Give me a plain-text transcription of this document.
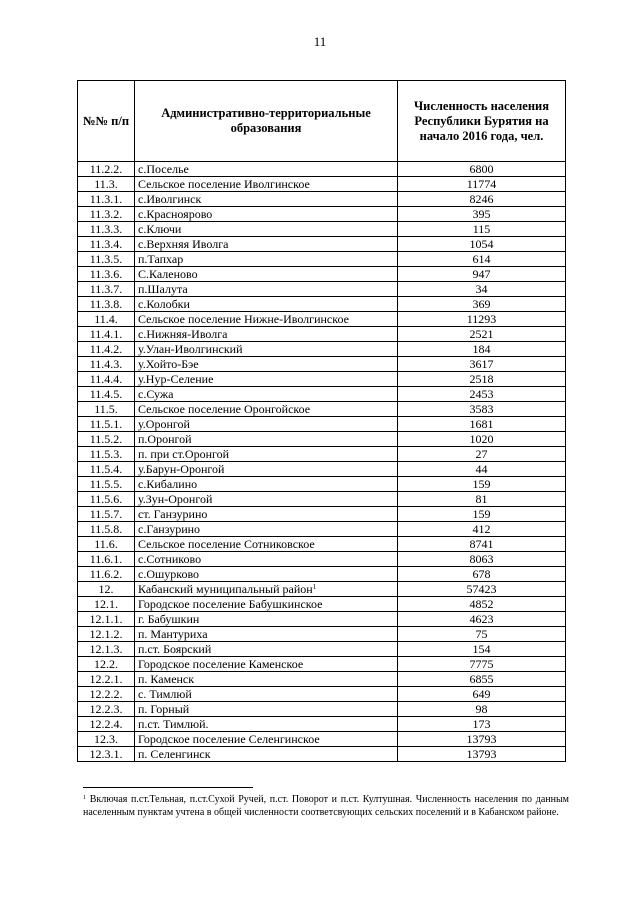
11
№№ п/п	Административно-территориальные образования	Численность населения Республики Бурятия на начало 2016 года, чел.
11.2.2.	с.Поселье	6800
11.3.	Сельское поселение Иволгинское	11774
11.3.1.	с.Иволгинск	8246
11.3.2.	с.Красноярово	395
11.3.3.	с.Ключи	115
11.3.4.	с.Верхняя Иволга	1054
11.3.5.	п.Тапхар	614
11.3.6.	С.Каленово	947
11.3.7.	п.Шалута	34
11.3.8.	с.Колобки	369
11.4.	Сельское поселение Нижне-Иволгинское	11293
11.4.1.	с.Нижняя-Иволга	2521
11.4.2.	у.Улан-Иволгинский	184
11.4.3.	у.Хойто-Бэе	3617
11.4.4.	у.Нур-Селение	2518
11.4.5.	с.Сужа	2453
11.5.	Сельское поселение Оронгойское	3583
11.5.1.	у.Оронгой	1681
11.5.2.	п.Оронгой	1020
11.5.3.	п. при ст.Оронгой	27
11.5.4.	у.Барун-Оронгой	44
11.5.5.	с.Кибалино	159
11.5.6.	у.Зун-Оронгой	81
11.5.7.	ст. Ганзурино	159
11.5.8.	с.Ганзурино	412
11.6.	Сельское поселение Сотниковское	8741
11.6.1.	с.Сотниково	8063
11.6.2.	с.Ошурково	678
12.	Кабанский муниципальный район$^1$	57423
12.1.	Городское поселение Бабушкинское	4852
12.1.1.	г. Бабушкин	4623
12.1.2.	п. Мантуриха	75
12.1.3.	п.ст. Боярский	154
12.2.	Городское поселение Каменское	7775
12.2.1.	п. Каменск	6855
12.2.2.	с. Тимлюй	649
12.2.3.	п. Горный	98
12.2.4.	п.ст. Тимлюй.	173
12.3.	Городское поселение Селенгинское	13793
12.3.1.	п. Селенгинск	13793
$^1$ Включая п.ст.Тельная, п.ст.Сухой Ручей, п.ст. Поворот и п.ст. Култушная. Численность населения по данным населенным пунктам учтена в общей численности соответсвующих сельских поселений и в Кабанском районе.
